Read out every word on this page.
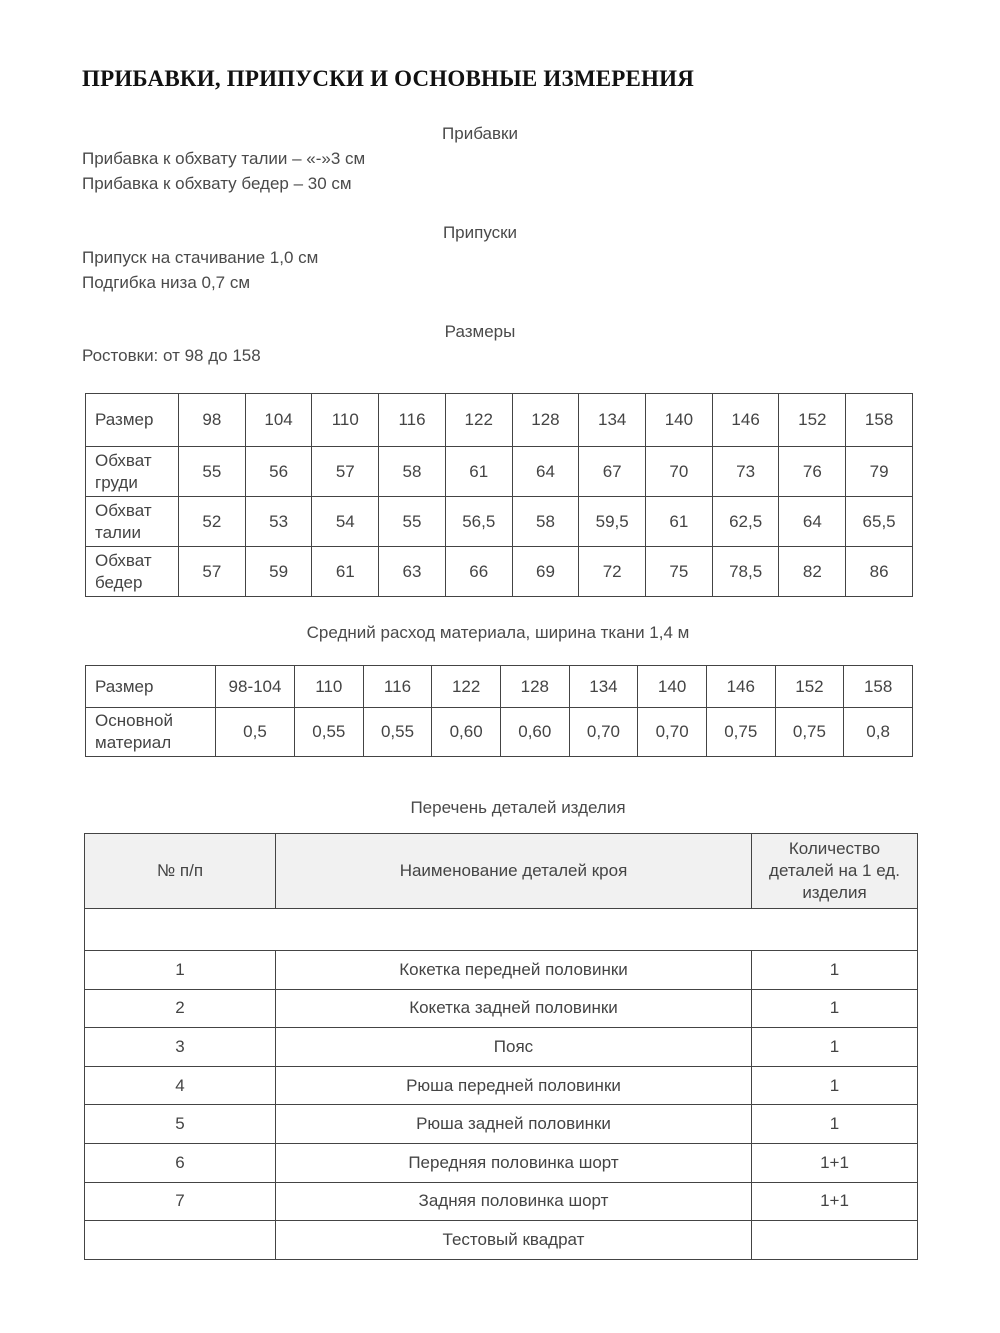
ПРИБАВКИ, ПРИПУСКИ И ОСНОВНЫЕ ИЗМЕРЕНИЯ
Прибавки
Прибавка к обхвату талии – «-»3 см
Прибавка к обхвату бедер – 30 см
Припуски
Припуск на стачивание 1,0 см
Подгибка низа 0,7 см
Размеры
Ростовки: от 98 до 158
Размер	98	104	110	116	122	128	134	140	146	152	158

Обхват
груди	55	56	57	58	61	64	67	70	73	76	79

Обхват
талии	52	53	54	55	56,5	58	59,5	61	62,5	64	65,5

Обхват
бедер	57	59	61	63	66	69	72	75	78,5	82	86
Средний расход материала, ширина ткани 1,4 м
Размер	98-104	110	116	122	128	134	140	146	152	158

Основной
материал	0,5	0,55	0,55	0,60	0,60	0,70	0,70	0,75	0,75	0,8
Перечень деталей изделия
№ п/п	Наименование деталей кроя	Количество
деталей на 1 ед.
изделия

1	Кокетка передней половинки	1
2	Кокетка задней половинки	1
3	Пояс	1
4	Рюша передней половинки	1
5	Рюша задней половинки	1
6	Передняя половинка шорт	1+1
7	Задняя половинка шорт	1+1
	Тестовый квадрат	
